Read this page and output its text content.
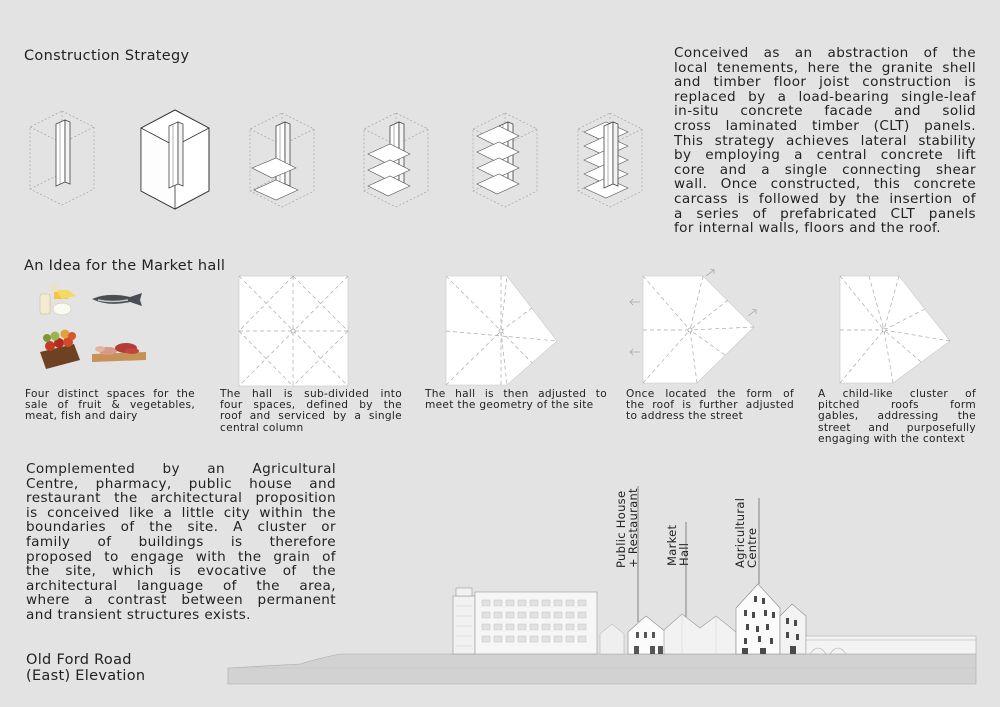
Construction Strategy	Conceived as an abstraction of the
local tenements, here the granite shell
and timber floor joist construction is
replaced by a load-bearing single-leaf
in-situ concrete facade and solid
cross laminated timber (CLT) panels.
This strategy achieves lateral stability
by employing a central concrete lift
core and a single connecting shear
wall. Once constructed, this concrete
carcass is followed by the insertion of
a series of prefabricated CLT panels
for internal walls, floors and the roof.
An Idea for the Market hall
Four distinct spaces for the
sale of fruit & vegetables,
meat, fish and dairy
The hall is sub-divided into
four spaces, defined by the
roof and serviced by a single
central column
The hall is then adjusted to
meet the geometry of the site
Once located the form of
the roof is further adjusted
to address the street
A child-like cluster of
pitched roofs form
gables, addressing the
street and purposefully
engaging with the context
Complemented by an Agricultural
Centre, pharmacy, public house and
restaurant the architectural proposition
is conceived like a little city within the
boundaries of the site. A cluster or
family of buildings is therefore
proposed to engage with the grain of
the site, which is evocative of the
architectural language of the area,
where a contrast between permanent
and transient structures exists.
Old Ford Road
(East) Elevation
Public House
+ Restaurant Market
Hall	Agricultural
Centre
